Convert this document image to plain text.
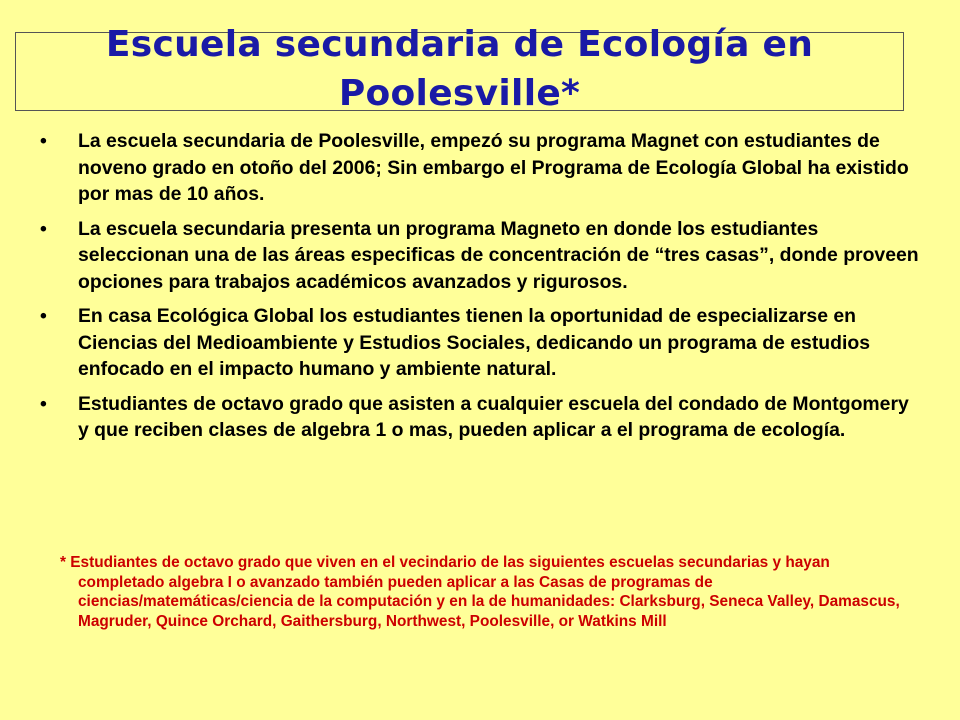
Escuela secundaria de Ecología en Poolesville*
• La escuela secundaria de Poolesville, empezó su programa Magnet con estudiantes de noveno grado en otoño del 2006; Sin embargo el Programa de Ecología Global ha existido por mas de 10 años.
• La escuela secundaria presenta un programa Magneto en donde los estudiantes seleccionan una de las áreas especificas de concentración de “tres casas”, donde proveen opciones para trabajos académicos avanzados y rigurosos.
• En casa Ecológica Global los estudiantes tienen la oportunidad de especializarse en Ciencias del Medioambiente y Estudios Sociales, dedicando un programa de estudios enfocado en el impacto humano y ambiente natural.
• Estudiantes de octavo grado que asisten a cualquier escuela del condado de Montgomery y que reciben clases de algebra 1 o mas, pueden aplicar a el programa de ecología.
* Estudiantes de octavo grado que viven en el vecindario de las siguientes escuelas secundarias y hayan completado algebra I o avanzado también pueden aplicar a las Casas de programas de ciencias/matemáticas/ciencia de la computación y en la de humanidades: Clarksburg, Seneca Valley, Damascus, Magruder, Quince Orchard, Gaithersburg, Northwest, Poolesville, or Watkins Mill
